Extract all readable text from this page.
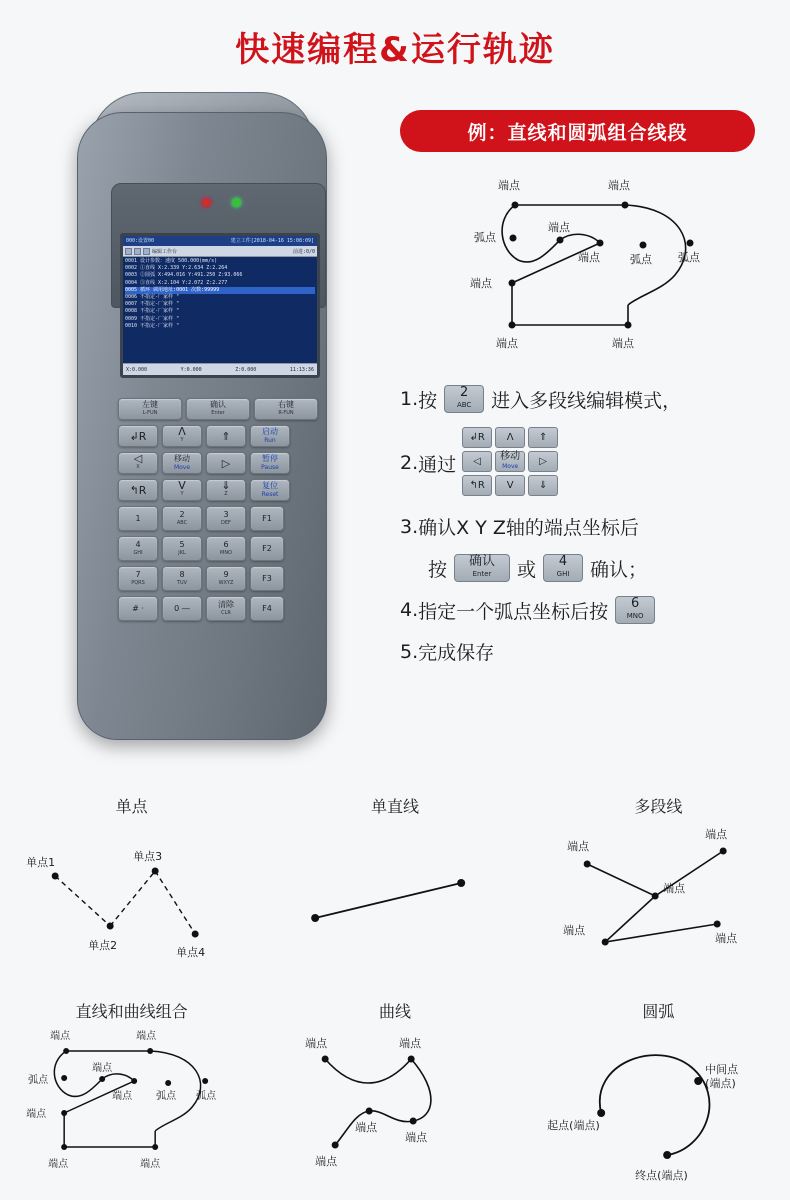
快速编程&运行轨迹
000:设置00	建立工件[2018-04-16 15:08:09]
编辑工作台	前进:0/0
0001 设计参数：速度 500.000(mm/s)
0002 ①直线 X:2.339 Y:2.634 Z:2.264
0003 ②圆弧 X:494.016 Y:491.250 Z:93.066
0004 ③直线 X:2.104 Y:2.072 Z:2.277
0005 循环 调用地址:0001 次数:99999
0006 不指定-厂家样 "
0007 不指定-厂家样 "
0008 不指定-厂家样 "
0009 不指定-厂家样 "
0010 不指定-厂家样 "
X:0.000	Y:0.000	Z:0.000	11:13:36
左键
L-FUN
确认
Enter
右键
R-FUN
↲R	Λ
Y	⇑	启动
Run
◁
X
移动
Move	▷	暂停
Pause
↰R	V
Y
⇓
Z
复位
Reset
1	2
ABC
3
DEF	F1
4
GHI
5
JKL
6
MNO	F2
7
PQRS
8
TUV
9
WXYZ	F3
# ·	0 ―	清除
CLR	F4
例：直线和圆弧组合线段
端点	端点
端点
弧点
端点	弧点 弧点
端点
端点	端点
1. 按 2
ABC 进入多段线编辑模式，
2. 通过
↲R Λ	⇑
◁ 移动
Move ▷
↰R V	⇓
3. 确认X Y Z轴的端点坐标后
按 确认
Enter 或 4
GHI 确认；
4. 指定一个弧点坐标后按 6
MNO
5. 完成保存
单点
单点1	单点3
单点2
单点4
单直线	多段线
端点
端点
端点
端点
端点
直线和曲线组合
端点	端点
端点
弧点
端点 弧点 弧点
端点
端点	端点
曲线
端点	端点
端点
端点
端点
圆弧
中间点
(端点)
起点(端点)
终点(端点)
